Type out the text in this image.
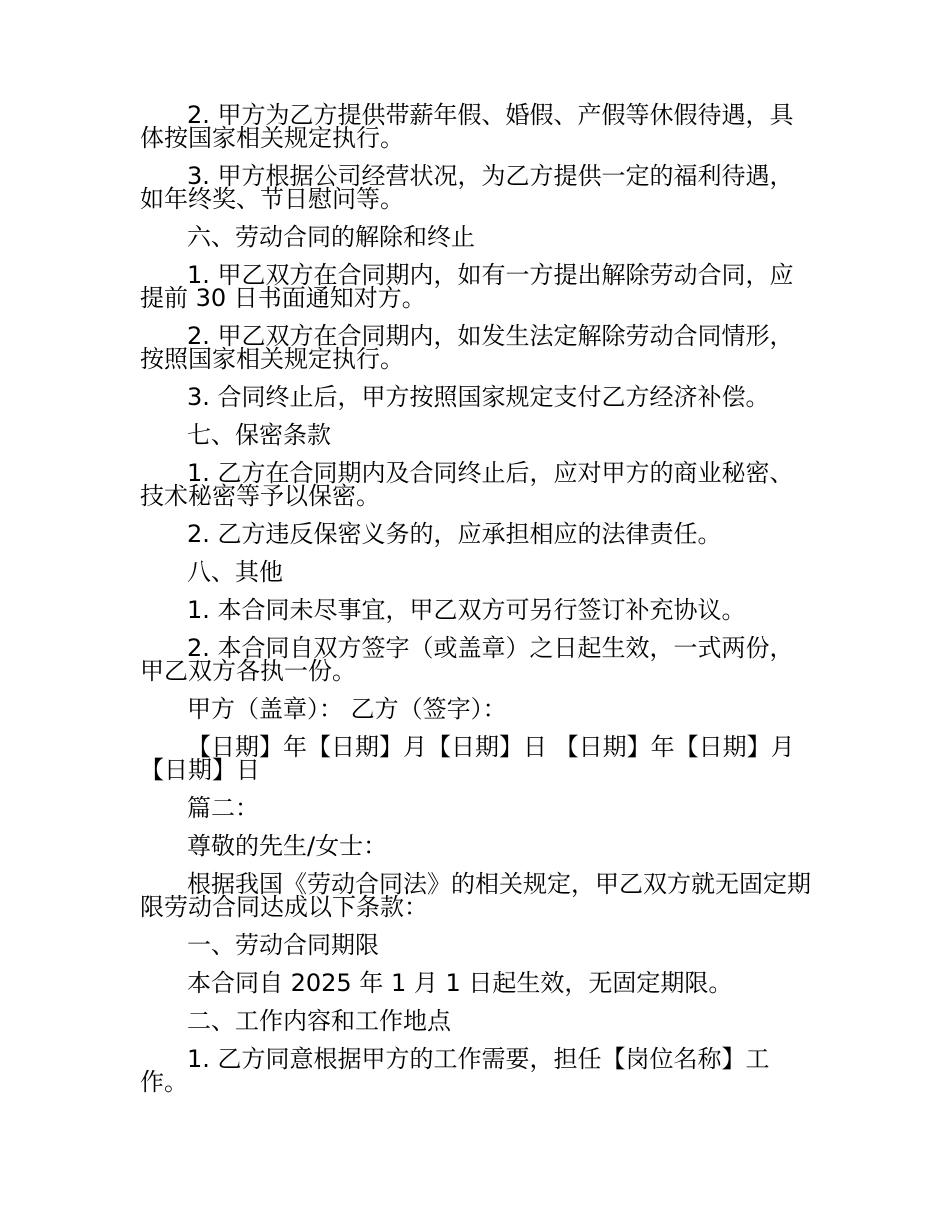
2. 甲方为乙方提供带薪年假、婚假、产假等休假待遇，具体按国家相关规定执行。

3. 甲方根据公司经营状况，为乙方提供一定的福利待遇，如年终奖、节日慰问等。

六、劳动合同的解除和终止

1. 甲乙双方在合同期内，如有一方提出解除劳动合同，应提前 30 日书面通知对方。

2. 甲乙双方在合同期内，如发生法定解除劳动合同情形，按照国家相关规定执行。

3. 合同终止后，甲方按照国家规定支付乙方经济补偿。

七、保密条款

1. 乙方在合同期内及合同终止后，应对甲方的商业秘密、技术秘密等予以保密。

2. 乙方违反保密义务的，应承担相应的法律责任。

八、其他

1. 本合同未尽事宜，甲乙双方可另行签订补充协议。

2. 本合同自双方签字（或盖章）之日起生效，一式两份，甲乙双方各执一份。

甲方（盖章）： 乙方（签字）：

【日期】年【日期】月【日期】日 【日期】年【日期】月【日期】日

篇二：

尊敬的先生/女士：

根据我国《劳动合同法》的相关规定，甲乙双方就无固定期限劳动合同达成以下条款：

一、劳动合同期限

本合同自 2025 年 1 月 1 日起生效，无固定期限。

二、工作内容和工作地点

1. 乙方同意根据甲方的工作需要，担任【岗位名称】工作。
